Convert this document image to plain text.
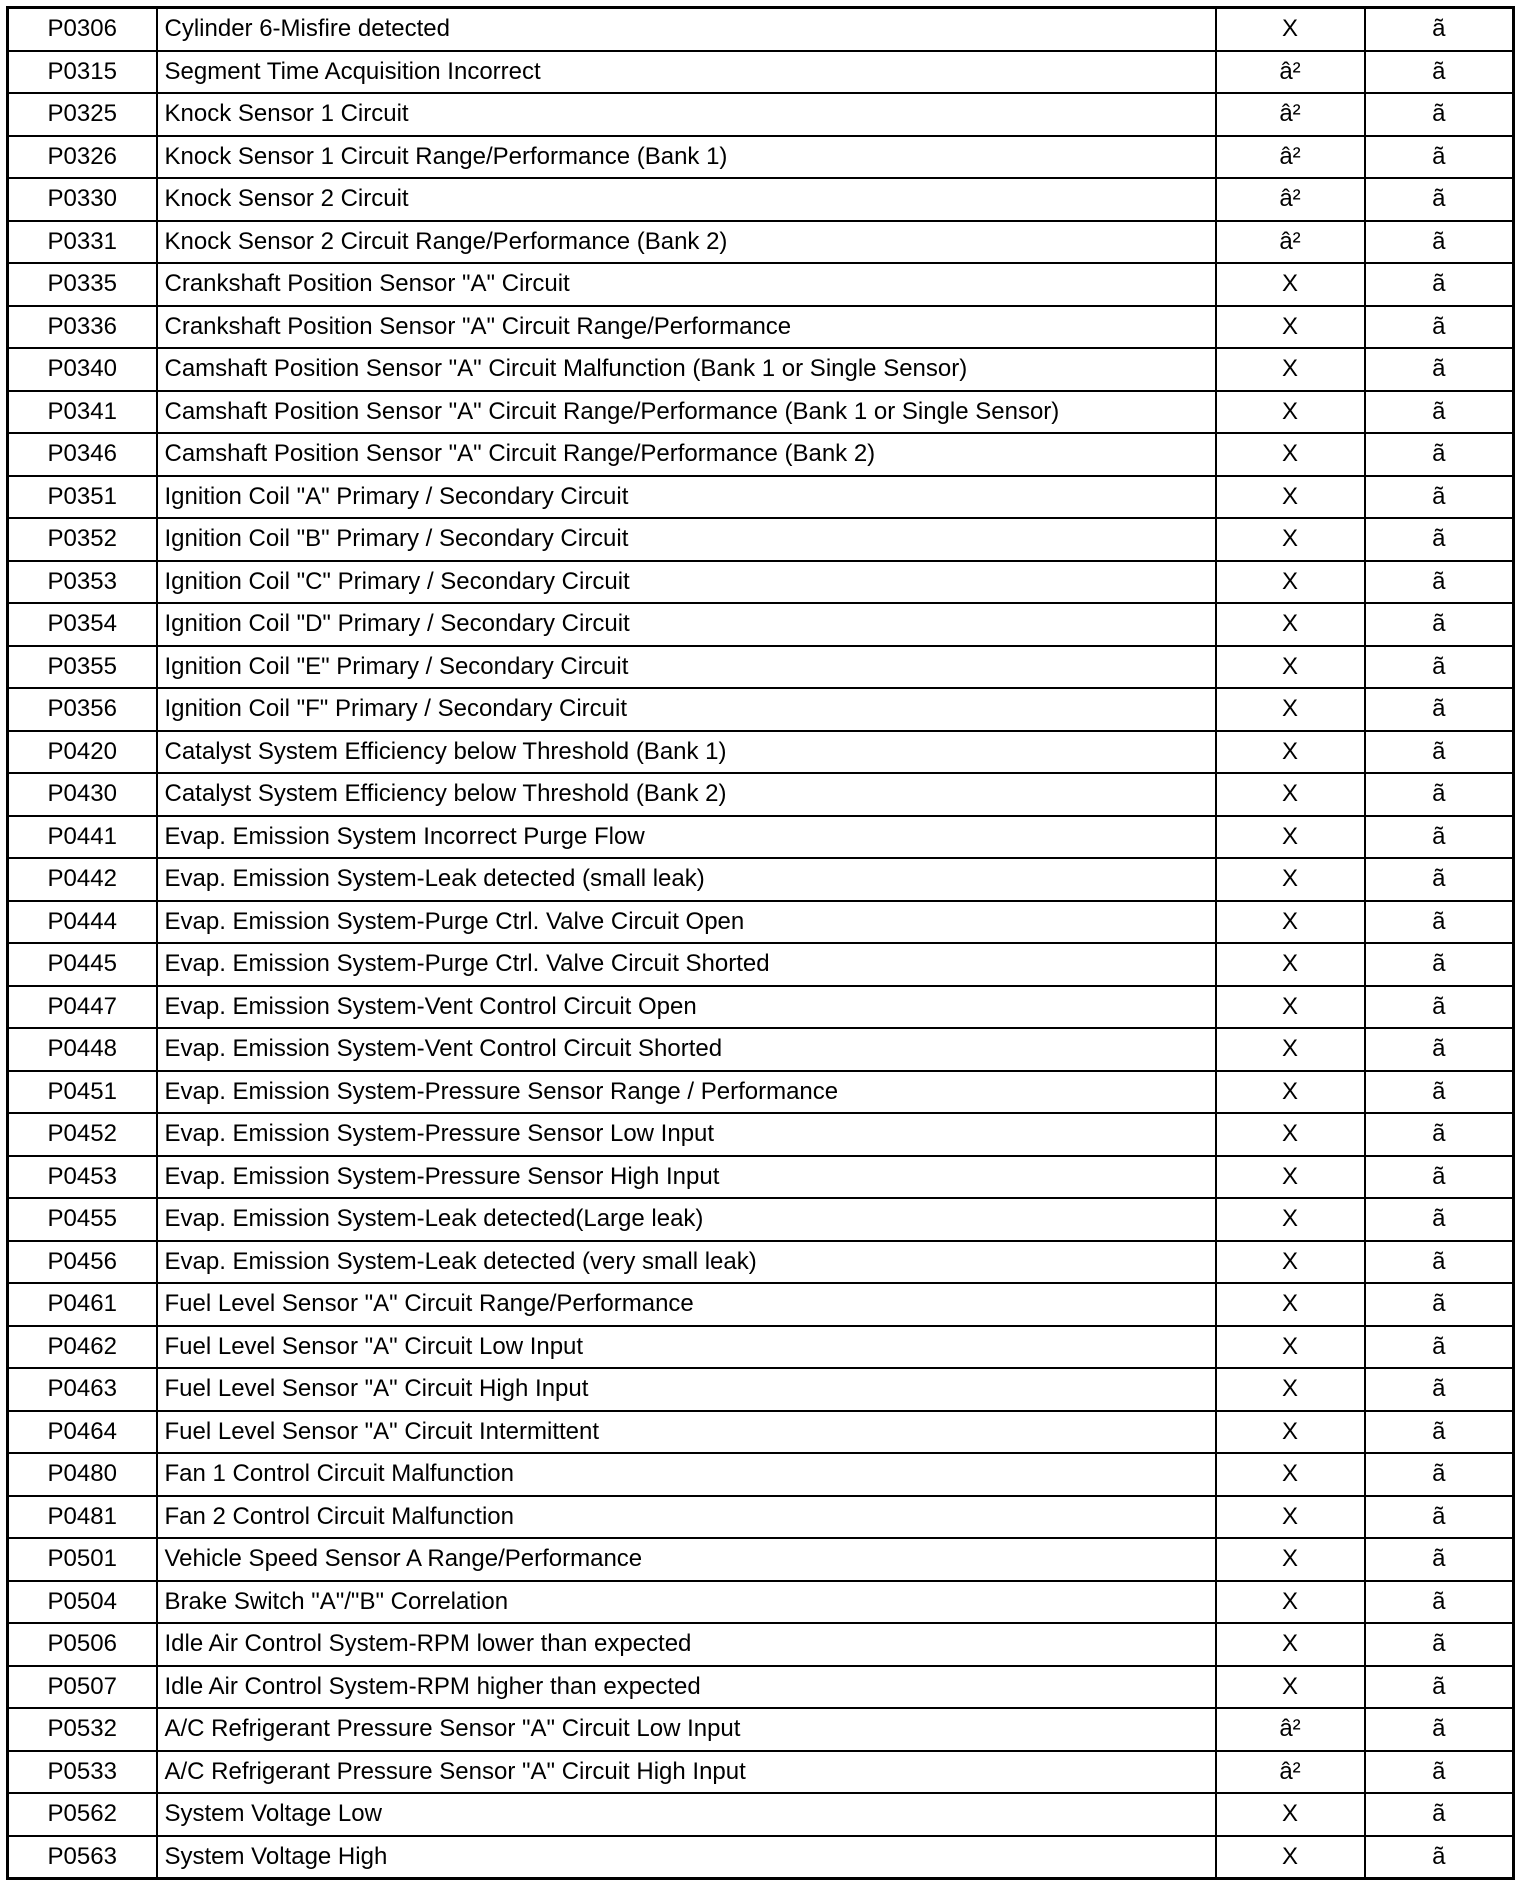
P0306	Cylinder 6-Misfire detected	X	ã
P0315	Segment Time Acquisition Incorrect	â²	ã
P0325	Knock Sensor 1 Circuit	â²	ã
P0326	Knock Sensor 1 Circuit Range/Performance (Bank 1)	â²	ã
P0330	Knock Sensor 2 Circuit	â²	ã
P0331	Knock Sensor 2 Circuit Range/Performance (Bank 2)	â²	ã
P0335	Crankshaft Position Sensor "A" Circuit	X	ã
P0336	Crankshaft Position Sensor "A" Circuit Range/Performance	X	ã
P0340	Camshaft Position Sensor "A" Circuit Malfunction (Bank 1 or Single Sensor)	X	ã
P0341	Camshaft Position Sensor "A" Circuit Range/Performance (Bank 1 or Single Sensor)	X	ã
P0346	Camshaft Position Sensor "A" Circuit Range/Performance (Bank 2)	X	ã
P0351	Ignition Coil "A" Primary / Secondary Circuit	X	ã
P0352	Ignition Coil "B" Primary / Secondary Circuit	X	ã
P0353	Ignition Coil "C" Primary / Secondary Circuit	X	ã
P0354	Ignition Coil "D" Primary / Secondary Circuit	X	ã
P0355	Ignition Coil "E" Primary / Secondary Circuit	X	ã
P0356	Ignition Coil "F" Primary / Secondary Circuit	X	ã
P0420	Catalyst System Efficiency below Threshold (Bank 1)	X	ã
P0430	Catalyst System Efficiency below Threshold (Bank 2)	X	ã
P0441	Evap. Emission System Incorrect Purge Flow	X	ã
P0442	Evap. Emission System-Leak detected (small leak)	X	ã
P0444	Evap. Emission System-Purge Ctrl. Valve Circuit Open	X	ã
P0445	Evap. Emission System-Purge Ctrl. Valve Circuit Shorted	X	ã
P0447	Evap. Emission System-Vent Control Circuit Open	X	ã
P0448	Evap. Emission System-Vent Control Circuit Shorted	X	ã
P0451	Evap. Emission System-Pressure Sensor Range / Performance	X	ã
P0452	Evap. Emission System-Pressure Sensor Low Input	X	ã
P0453	Evap. Emission System-Pressure Sensor High Input	X	ã
P0455	Evap. Emission System-Leak detected(Large leak)	X	ã
P0456	Evap. Emission System-Leak detected (very small leak)	X	ã
P0461	Fuel Level Sensor "A" Circuit Range/Performance	X	ã
P0462	Fuel Level Sensor "A" Circuit Low Input	X	ã
P0463	Fuel Level Sensor "A" Circuit High Input	X	ã
P0464	Fuel Level Sensor "A" Circuit Intermittent	X	ã
P0480	Fan 1 Control Circuit Malfunction	X	ã
P0481	Fan 2 Control Circuit Malfunction	X	ã
P0501	Vehicle Speed Sensor A Range/Performance	X	ã
P0504	Brake Switch "A"/"B" Correlation	X	ã
P0506	Idle Air Control System-RPM lower than expected	X	ã
P0507	Idle Air Control System-RPM higher than expected	X	ã
P0532	A/C Refrigerant Pressure Sensor "A" Circuit Low Input	â²	ã
P0533	A/C Refrigerant Pressure Sensor "A" Circuit High Input	â²	ã
P0562	System Voltage Low	X	ã
P0563	System Voltage High	X	ã
